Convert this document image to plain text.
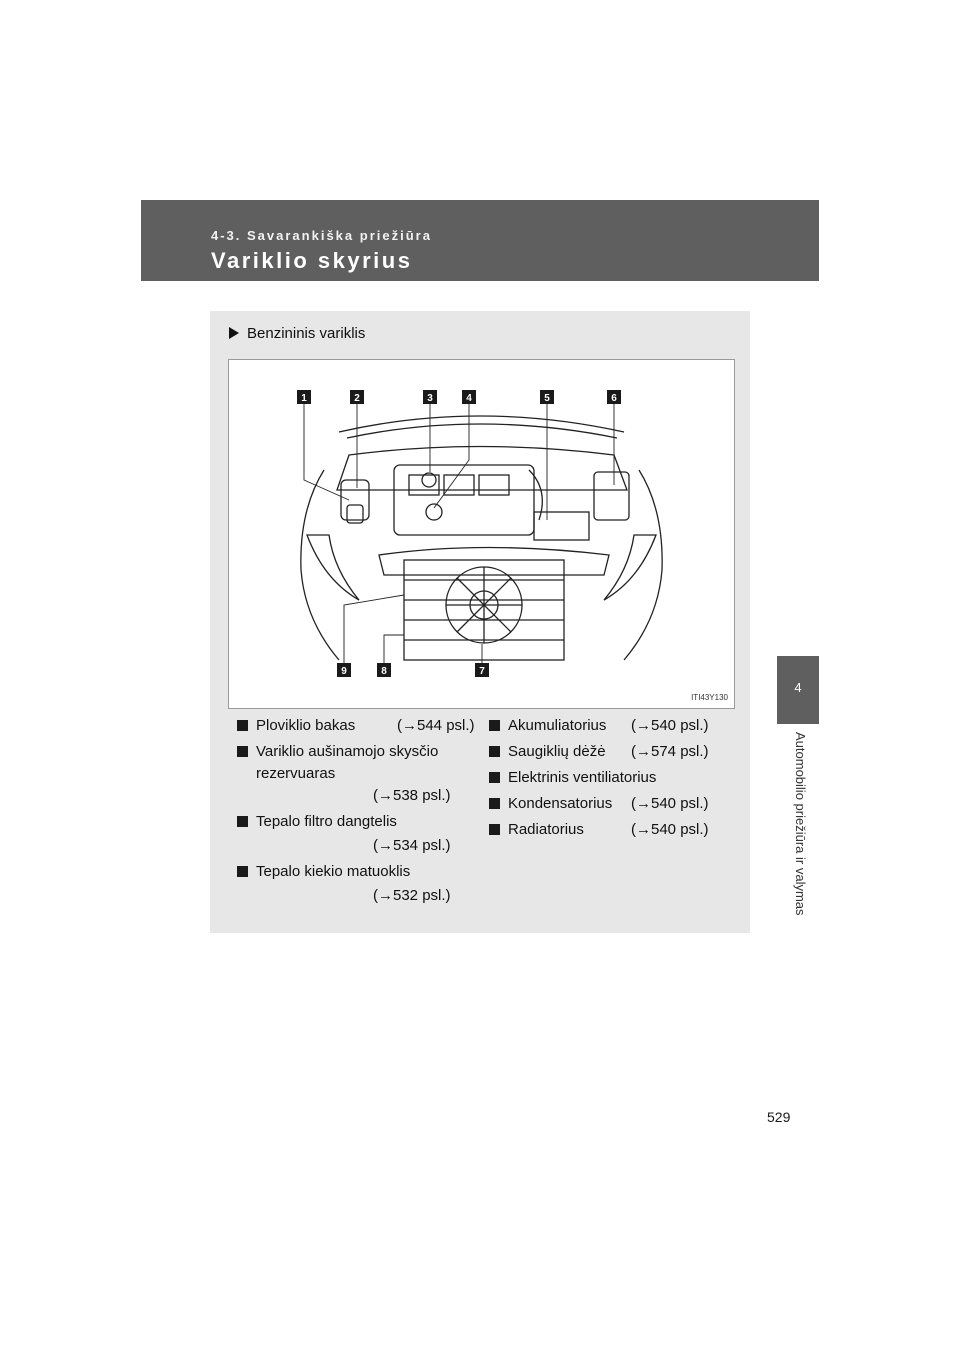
4-3. Savarankiška priežiūra
Variklio skyrius
4
Automobilio priežiūra ir valymas
Benzininis variklis
1	2	3	4	5	6
7
8
9
ITI43Y130
Ploviklio bakas	(→544 psl.)
Variklio aušinamojo skysčio rezervuaras
(→538 psl.)
Tepalo filtro dangtelis
(→534 psl.)
Tepalo kiekio matuoklis
(→532 psl.)
Akumuliatorius (→540 psl.)
Saugiklių dėžė (→574 psl.)
Elektrinis ventiliatorius
Kondensatorius (→540 psl.)
Radiatorius	(→540 psl.)
529
